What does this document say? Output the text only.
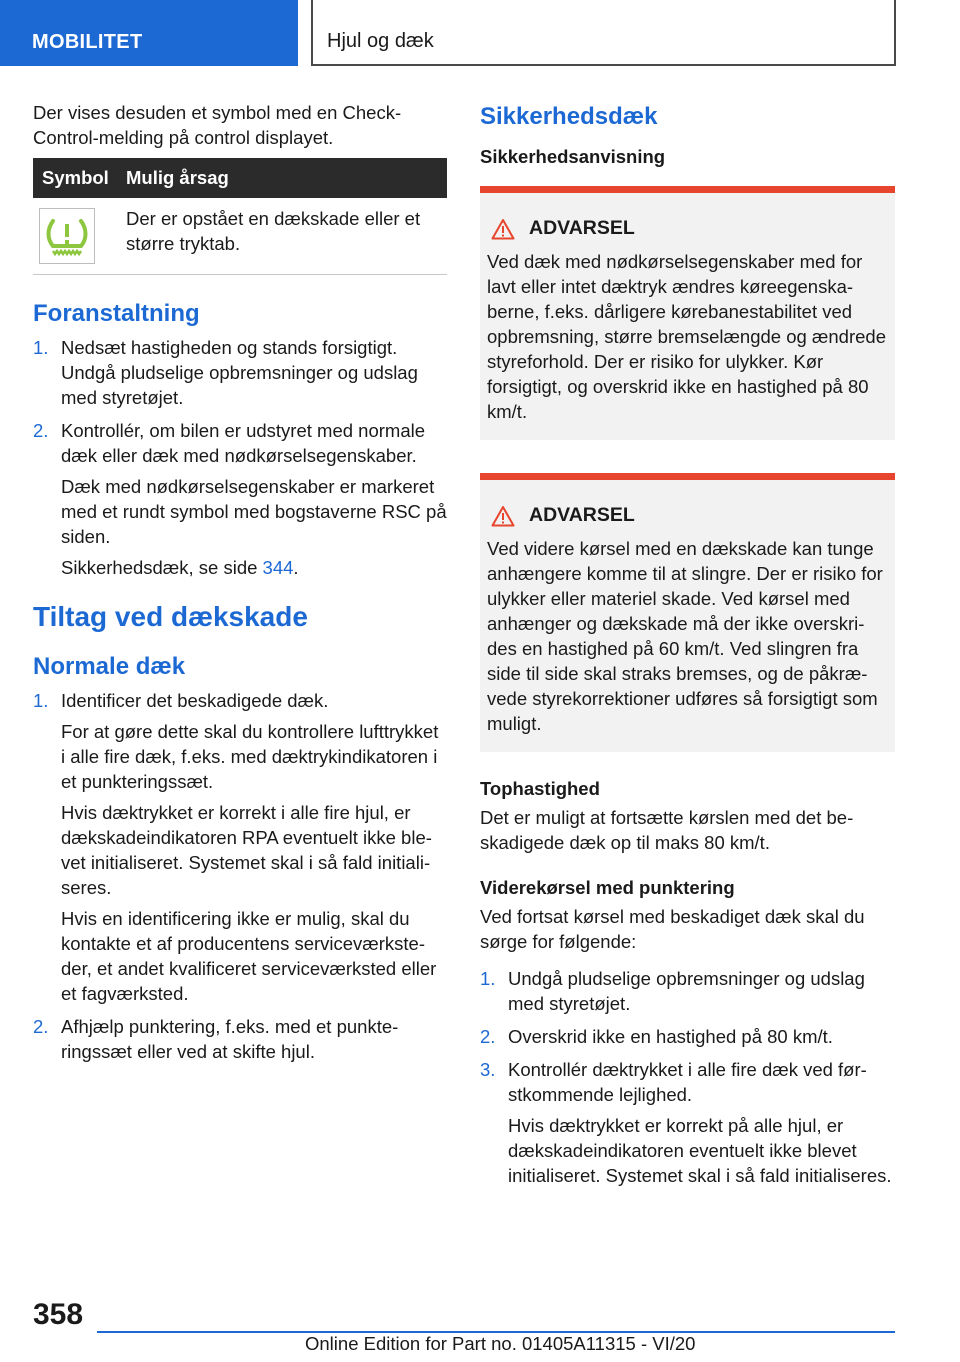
MOBILITET	Hjul og dæk
Der vises desuden et symbol med en Check-Control-melding på control displayet.
Symbol	Mulig årsag

	Der er opstået en dækskade eller et større tryktab.
Foranstaltning
1. Nedsæt hastigheden og stands forsigtigt. Undgå pludselige opbremsninger og udslag med styretøjet.
2. Kontrollér, om bilen er udstyret med normale dæk eller dæk med nødkørselsegenskaber.
Dæk med nødkørselsegenskaber er markeret med et rundt symbol med bogstaverne RSC på siden.
Sikkerhedsdæk, se side 344.
Tiltag ved dækskade
Normale dæk
1. Identificer det beskadigede dæk.
For at gøre dette skal du kontrollere lufttrykket i alle fire dæk, f.eks. med dæktrykindikatoren i et punkteringssæt.
Hvis dæktrykket er korrekt i alle fire hjul, er dækskadeindikatoren RPA eventuelt ikke blevet initialiseret. Systemet skal i så fald initialiseres.
Hvis en identificering ikke er mulig, skal du kontakte et af producentens serviceværksteder, et andet kvalificeret serviceværksted eller et fagværksted.
2. Afhjælp punktering, f.eks. med et punkteringssæt eller ved at skifte hjul.
Sikkerhedsdæk
Sikkerhedsanvisning
ADVARSEL
Ved dæk med nødkørselsegenskaber med for lavt eller intet dæktryk ændres køreegenskaberne, f.eks. dårligere kørebanestabilitet ved opbremsning, større bremselængde og ændrede styreforhold. Der er risiko for ulykker. Kør forsigtigt, og overskrid ikke en hastighed på 80 km/t.
ADVARSEL
Ved videre kørsel med en dækskade kan tunge anhængere komme til at slingre. Der er risiko for ulykker eller materiel skade. Ved kørsel med anhænger og dækskade må der ikke overskrides en hastighed på 60 km/t. Ved slingren fra side til side skal straks bremses, og de påkrævede styrekorrektioner udføres så forsigtigt som muligt.
Tophastighed
Det er muligt at fortsætte kørslen med det beskadigede dæk op til maks 80 km/t.
Viderekørsel med punktering
Ved fortsat kørsel med beskadiget dæk skal du sørge for følgende:
1. Undgå pludselige opbremsninger og udslag med styretøjet.
2. Overskrid ikke en hastighed på 80 km/t.
3. Kontrollér dæktrykket i alle fire dæk ved førstkommende lejlighed.
Hvis dæktrykket er korrekt på alle hjul, er dækskadeindikatoren eventuelt ikke blevet initialiseret. Systemet skal i så fald initialiseres.
358
Online Edition for Part no. 01405A11315 - VI/20
